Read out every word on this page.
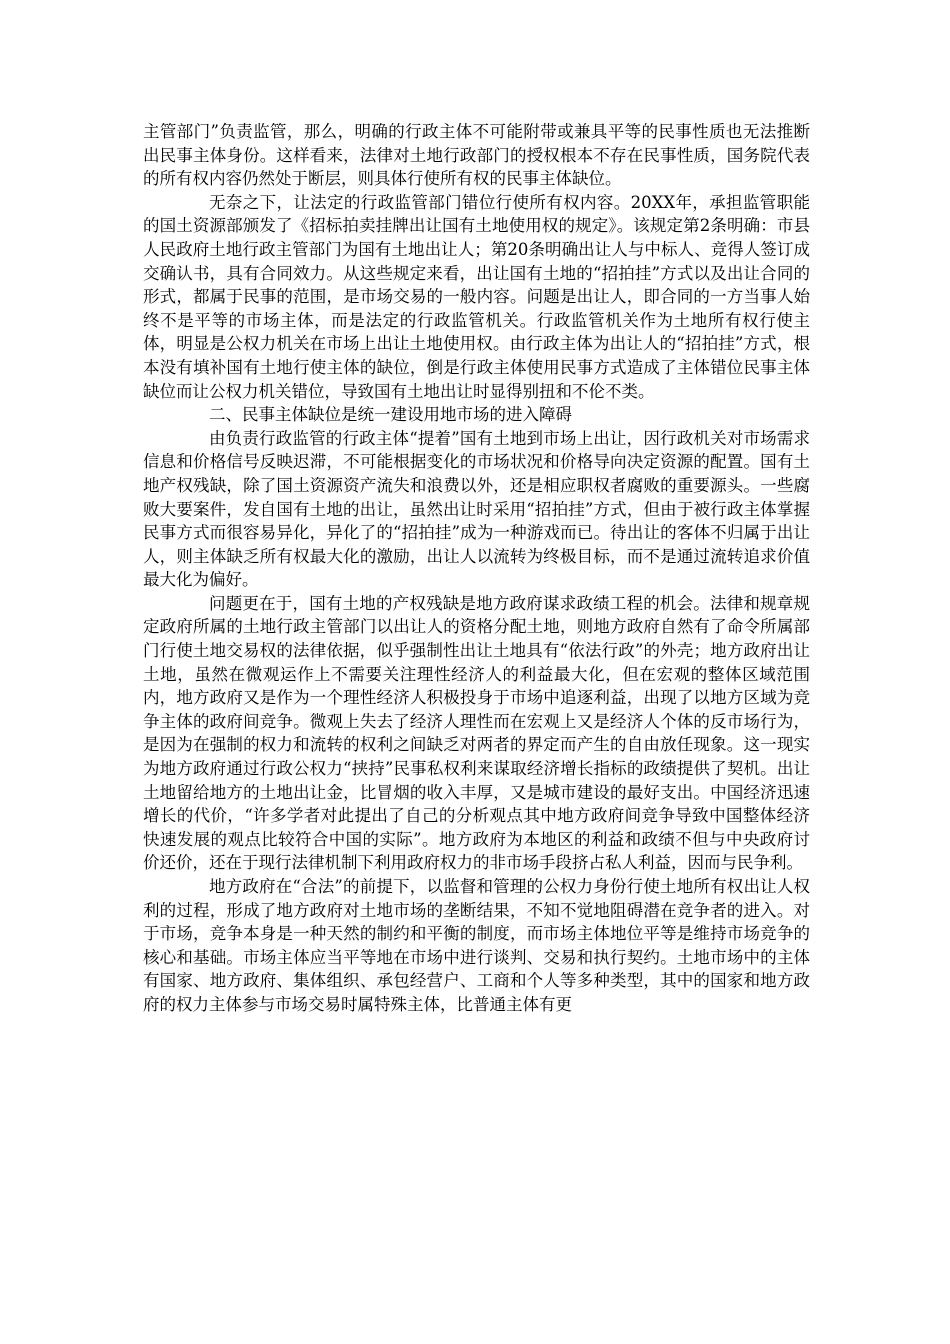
主管部门”负责监管，那么，明确的行政主体不可能附带或兼具平等的民事性质也无法推断出民事主体身份。这样看来，法律对土地行政部门的授权根本不存在民事性质，国务院代表的所有权内容仍然处于断层，则具体行使所有权的民事主体缺位。

无奈之下，让法定的行政监管部门错位行使所有权内容。20XX年，承担监管职能的国土资源部颁发了《招标拍卖挂牌出让国有土地使用权的规定》。该规定第2条明确：市县人民政府土地行政主管部门为国有土地出让人；第20条明确出让人与中标人、竞得人签订成交确认书，具有合同效力。从这些规定来看，出让国有土地的“招拍挂”方式以及出让合同的形式，都属于民事的范围，是市场交易的一般内容。问题是出让人，即合同的一方当事人始终不是平等的市场主体，而是法定的行政监管机关。行政监管机关作为土地所有权行使主体，明显是公权力机关在市场上出让土地使用权。由行政主体为出让人的“招拍挂”方式，根本没有填补国有土地行使主体的缺位，倒是行政主体使用民事方式造成了主体错位民事主体缺位而让公权力机关错位，导致国有土地出让时显得别扭和不伦不类。

二、民事主体缺位是统一建设用地市场的进入障碍

由负责行政监管的行政主体“提着”国有土地到市场上出让，因行政机关对市场需求信息和价格信号反映迟滞，不可能根据变化的市场状况和价格导向决定资源的配置。国有土地产权残缺，除了国土资源资产流失和浪费以外，还是相应职权者腐败的重要源头。一些腐败大要案件，发自国有土地的出让，虽然出让时采用“招拍挂”方式，但由于被行政主体掌握民事方式而很容易异化，异化了的“招拍挂”成为一种游戏而已。待出让的客体不归属于出让人，则主体缺乏所有权最大化的激励，出让人以流转为终极目标，而不是通过流转追求价值最大化为偏好。

问题更在于，国有土地的产权残缺是地方政府谋求政绩工程的机会。法律和规章规定政府所属的土地行政主管部门以出让人的资格分配土地，则地方政府自然有了命令所属部门行使土地交易权的法律依据，似乎强制性出让土地具有“依法行政”的外壳；地方政府出让土地，虽然在微观运作上不需要关注理性经济人的利益最大化，但在宏观的整体区域范围内，地方政府又是作为一个理性经济人积极投身于市场中追逐利益，出现了以地方区域为竞争主体的政府间竞争。微观上失去了经济人理性而在宏观上又是经济人个体的反市场行为，是因为在强制的权力和流转的权利之间缺乏对两者的界定而产生的自由放任现象。这一现实为地方政府通过行政公权力“挟持”民事私权利来谋取经济增长指标的政绩提供了契机。出让土地留给地方的土地出让金，比冒烟的收入丰厚，又是城市建设的最好支出。中国经济迅速增长的代价，“许多学者对此提出了自己的分析观点其中地方政府间竞争导致中国整体经济快速发展的观点比较符合中国的实际”。地方政府为本地区的利益和政绩不但与中央政府讨价还价，还在于现行法律机制下利用政府权力的非市场手段挤占私人利益，因而与民争利。

地方政府在“合法”的前提下，以监督和管理的公权力身份行使土地所有权出让人权利的过程，形成了地方政府对土地市场的垄断结果，不知不觉地阻碍潜在竞争者的进入。对于市场，竞争本身是一种天然的制约和平衡的制度，而市场主体地位平等是维持市场竞争的核心和基础。市场主体应当平等地在市场中进行谈判、交易和执行契约。土地市场中的主体有国家、地方政府、集体组织、承包经营户、工商和个人等多种类型，其中的国家和地方政府的权力主体参与市场交易时属特殊主体，比普通主体有更
